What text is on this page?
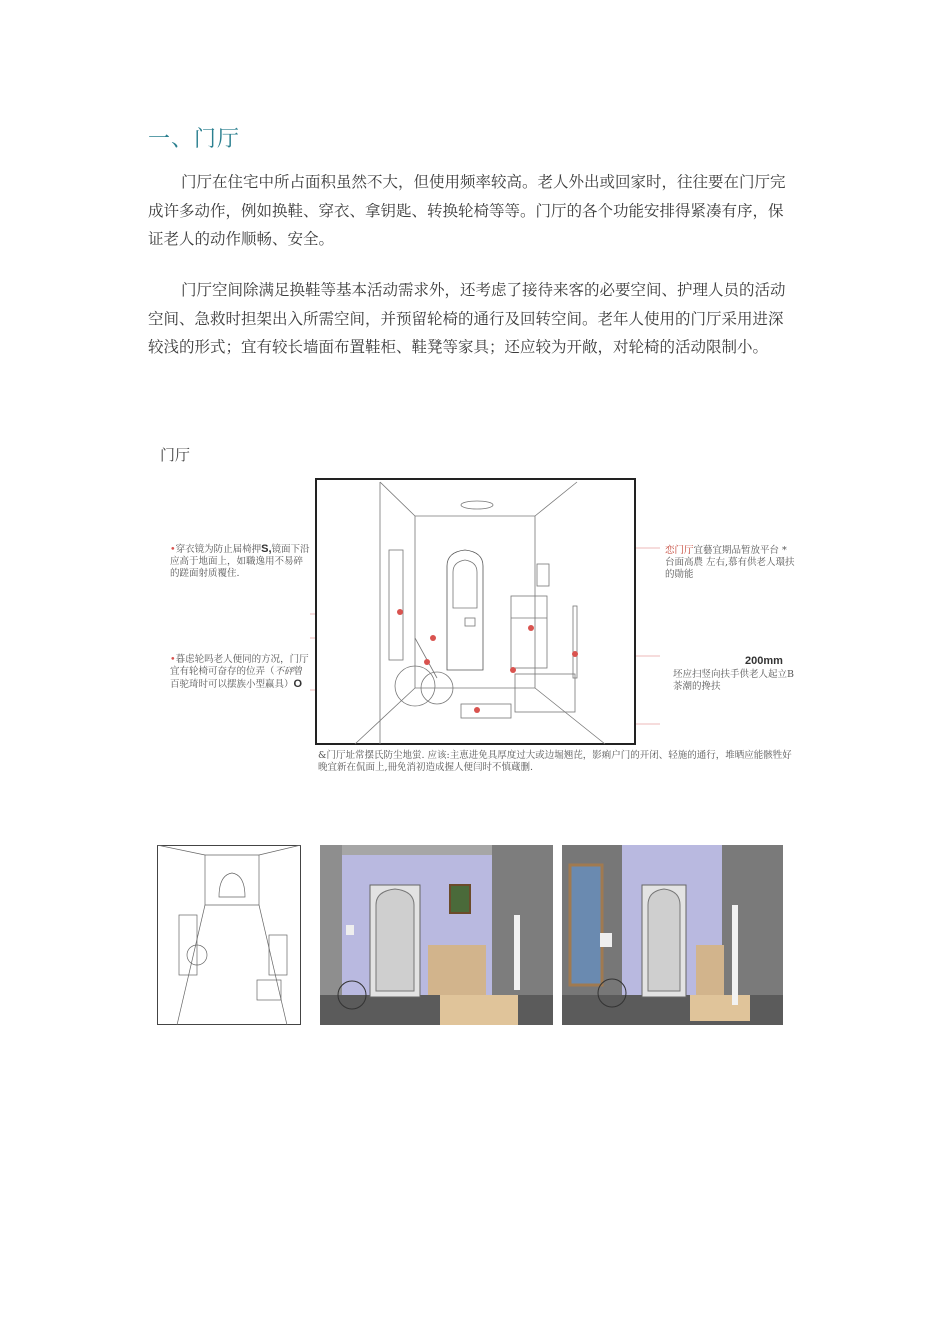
一、门厅
门厅在住宅中所占面积虽然不大，但使用频率较高。老人外出或回家时，往往要在门厅完成许多动作，例如换鞋、穿衣、拿钥匙、转换轮椅等等。门厅的各个功能安排得紧凑有序，保证老人的动作顺畅、安全。
门厅空间除满足换鞋等基本活动需求外，还考虑了接待来客的必要空间、护理人员的活动空间、急救时担架出入所需空间，并预留轮椅的通行及回转空间。老年人使用的门厅采用进深较浅的形式；宜有较长墙面布置鞋柜、鞋凳等家具；还应较为开敞，对轮椅的活动限制小。
门厅
•穿衣镜为防止届椅押S,镜面下沿应高于地面上，如職逸用不易碎的蹉面射质覆住.
•暮虑轮吗老人便同的方况，门厅宜有轮椅可奋存的位弄（不砰曾百驼琦时可以摆族小型赢具）O
恋门厅宜藝宜期品暂放平台 *台面高農 左右,慕有供老人環扶的勛能
200mm
坯应扫竖向扶手供老人起立B茶潮的搀扶
&门厅址常摆氏防尘地蛍. 应该:主恵进免具厚度过大或边堀翘芘，影痢户门的开闭、轻施的通行，堆晒应能骸牲好晚宜新在侃面上,冊免消初造成握人便闫时不慎蔵删.
